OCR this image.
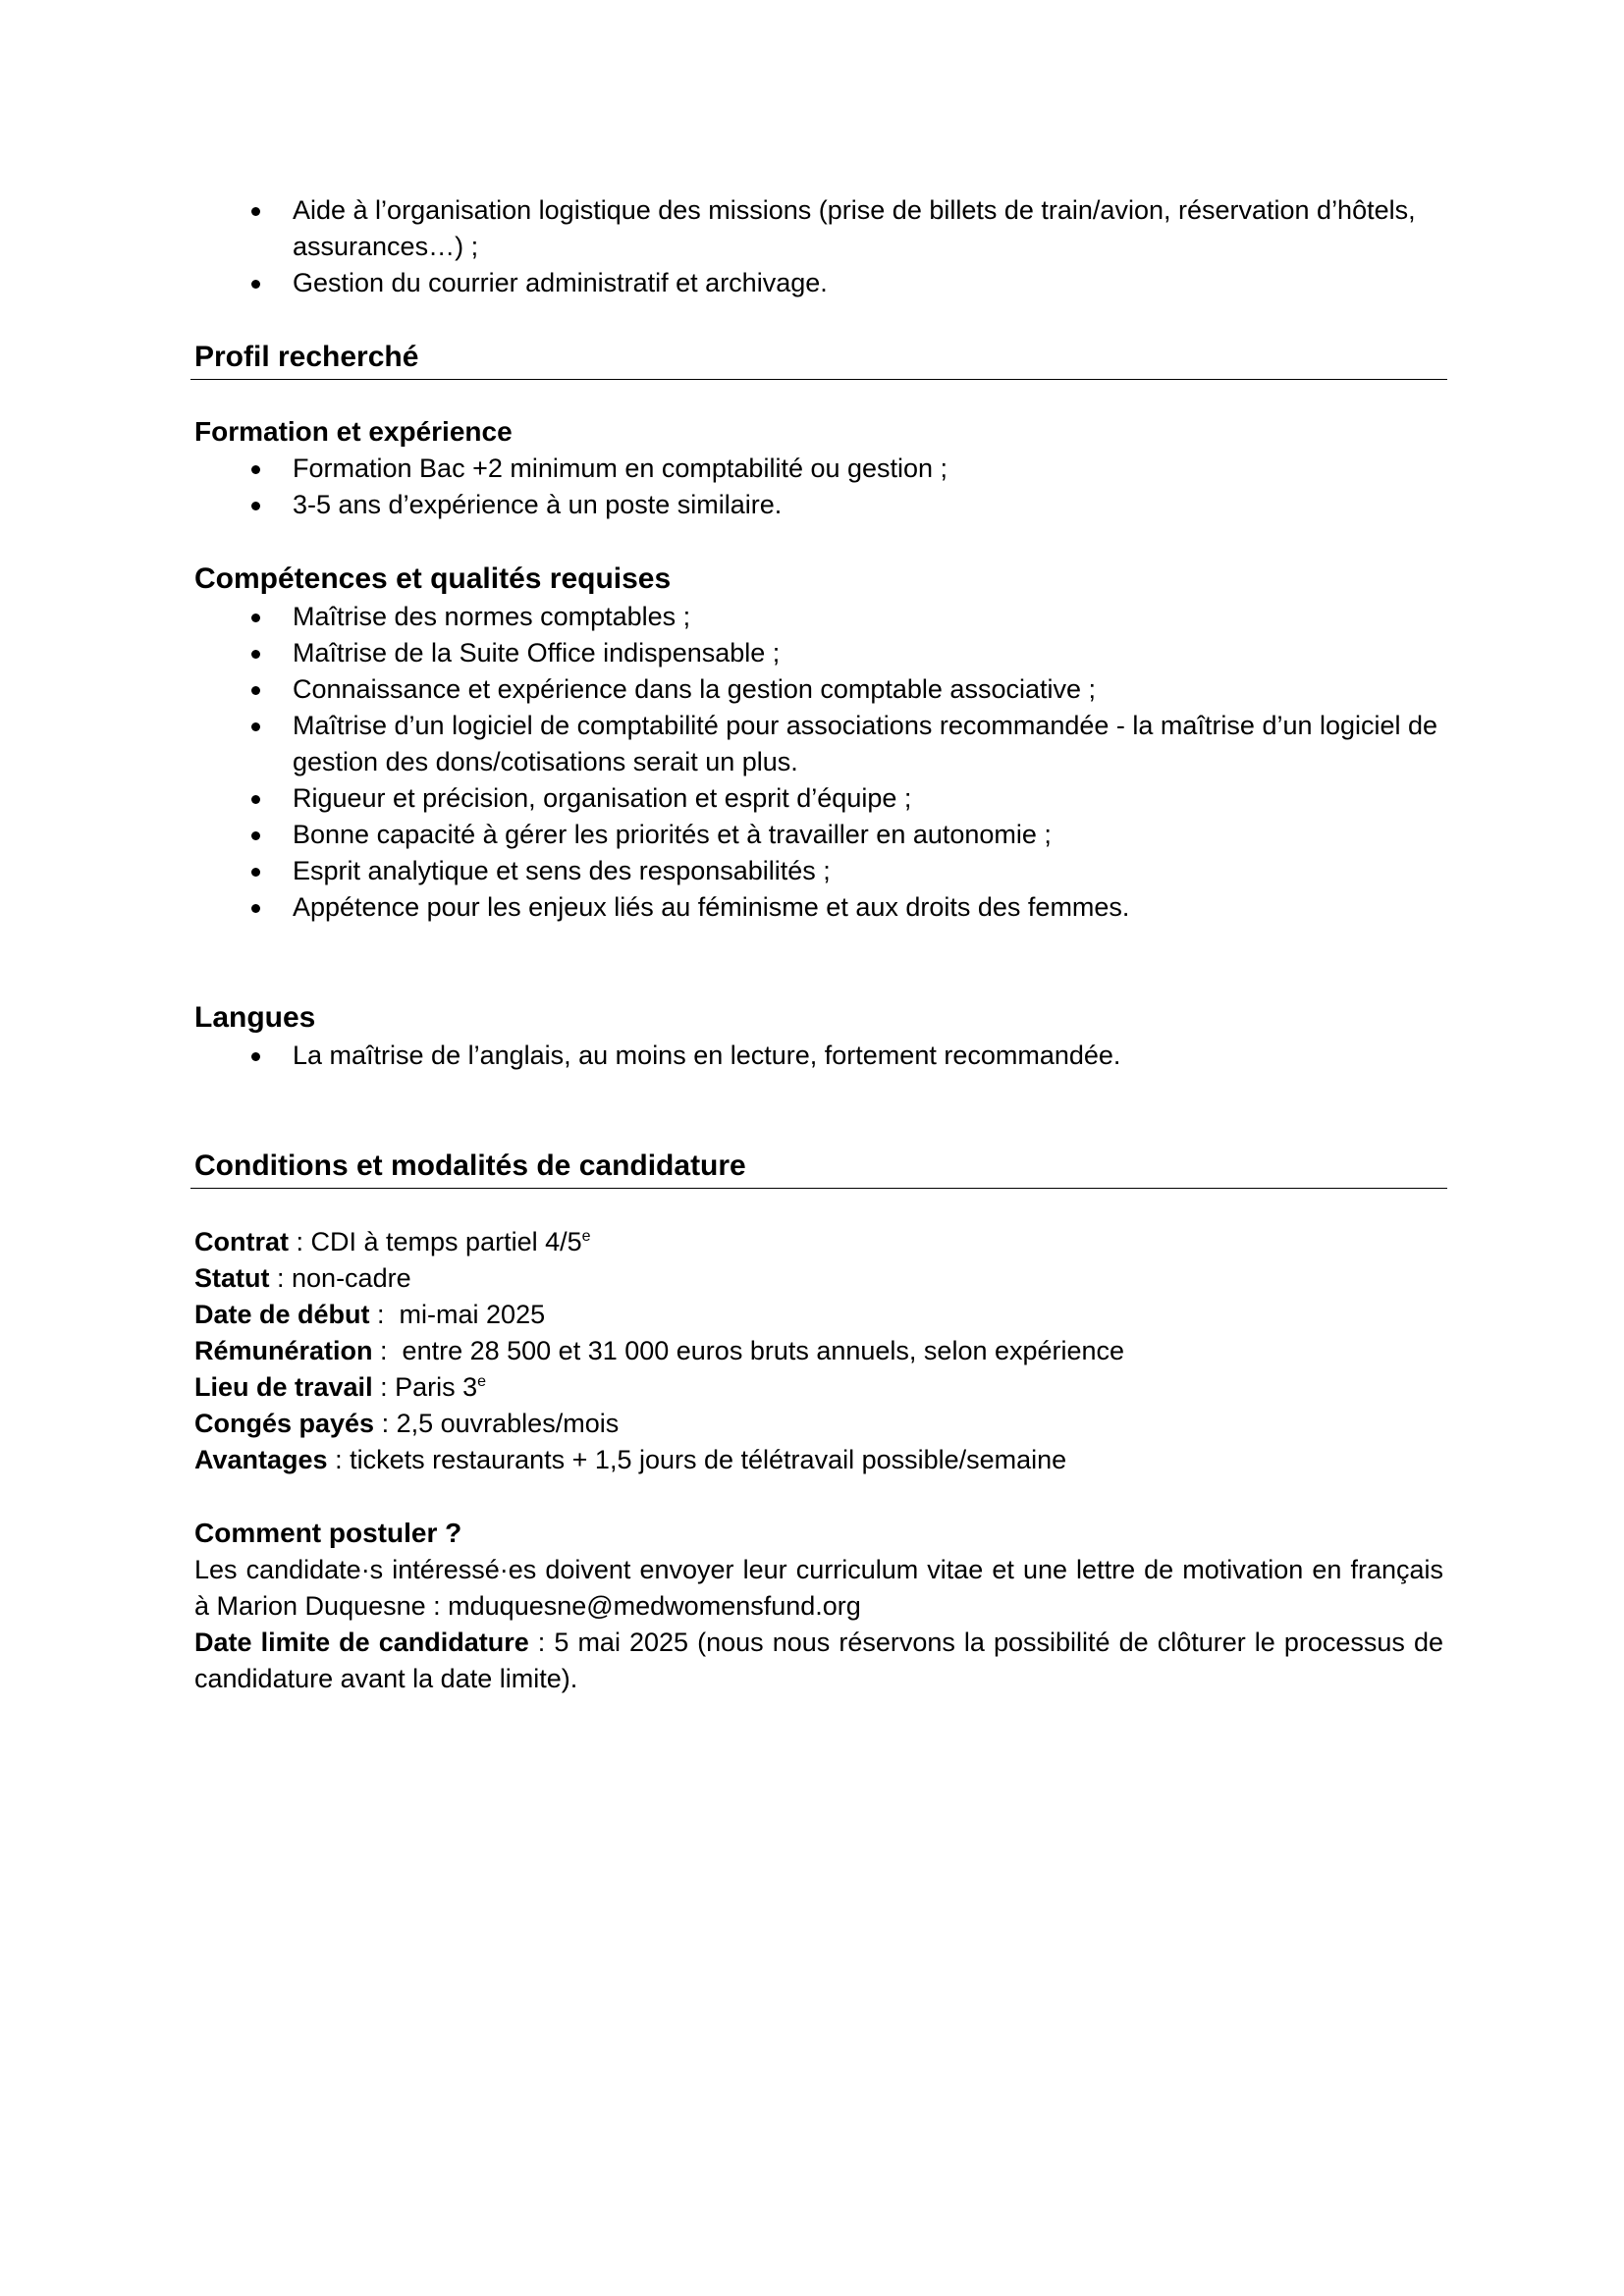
Aide à l’organisation logistique des missions (prise de billets de train/avion, réservation d’hôtels, assurances…) ;
Gestion du courrier administratif et archivage.
Profil recherché
Formation et expérience
Formation Bac +2 minimum en comptabilité ou gestion ;
3-5 ans d’expérience à un poste similaire.
Compétences et qualités requises
Maîtrise des normes comptables ;
Maîtrise de la Suite Office indispensable ;
Connaissance et expérience dans la gestion comptable associative ;
Maîtrise d’un logiciel de comptabilité pour associations recommandée - la maîtrise d’un logiciel de gestion des dons/cotisations serait un plus.
Rigueur et précision, organisation et esprit d’équipe ;
Bonne capacité à gérer les priorités et à travailler en autonomie ;
Esprit analytique et sens des responsabilités ;
Appétence pour les enjeux liés au féminisme et aux droits des femmes.
Langues
La maîtrise de l’anglais, au moins en lecture, fortement recommandée.
Conditions et modalités de candidature

Contrat : CDI à temps partiel 4/5e

Statut : non-cadre

Date de début :  mi-mai 2025

Rémunération :  entre 28 500 et 31 000 euros bruts annuels, selon expérience

Lieu de travail : Paris 3e

Congés payés : 2,5 ouvrables/mois

Avantages : tickets restaurants + 1,5 jours de télétravail possible/semaine

Comment postuler ?

Les candidate·s intéressé·es doivent envoyer leur curriculum vitae et une lettre de motivation en français à Marion Duquesne : mduquesne@medwomensfund.org

Date limite de candidature : 5 mai 2025 (nous nous réservons la possibilité de clôturer le processus de candidature avant la date limite).
